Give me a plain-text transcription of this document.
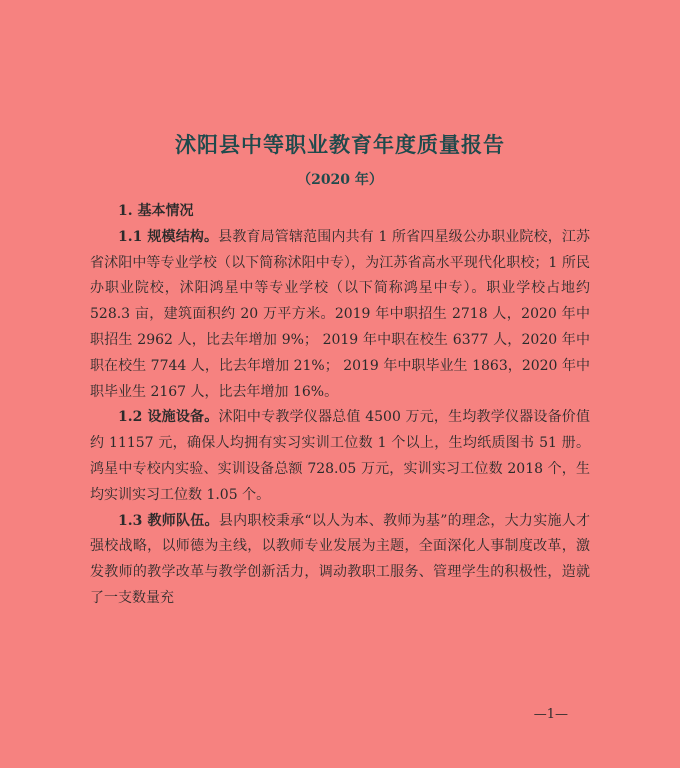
沭阳县中等职业教育年度质量报告
（2020 年）

1. 基本情况

1.1 规模结构。县教育局管辖范围内共有 1 所省四星级公办职业院校，江苏省沭阳中等专业学校（以下简称沭阳中专），为江苏省高水平现代化职校；1 所民办职业院校，沭阳鸿星中等专业学校（以下简称鸿星中专）。职业学校占地约 528.3 亩，建筑面积约 20 万平方米。2019 年中职招生 2718 人，2020 年中职招生 2962 人，比去年增加 9%； 2019 年中职在校生 6377 人，2020 年中职在校生 7744 人，比去年增加 21%； 2019 年中职毕业生 1863，2020 年中职毕业生 2167 人，比去年增加 16%。

1.2 设施设备。沭阳中专教学仪器总值 4500 万元，生均教学仪器设备价值约 11157 元，确保人均拥有实习实训工位数 1 个以上，生均纸质图书 51 册。鸿星中专校内实验、实训设备总额 728.05 万元，实训实习工位数 2018 个，生均实训实习工位数 1.05 个。

1.3 教师队伍。县内职校秉承“以人为本、教师为基”的理念，大力实施人才强校战略，以师德为主线，以教师专业发展为主题，全面深化人事制度改革，激发教师的教学改革与教学创新活力，调动教职工服务、管理学生的积极性，造就了一支数量充

—1—
